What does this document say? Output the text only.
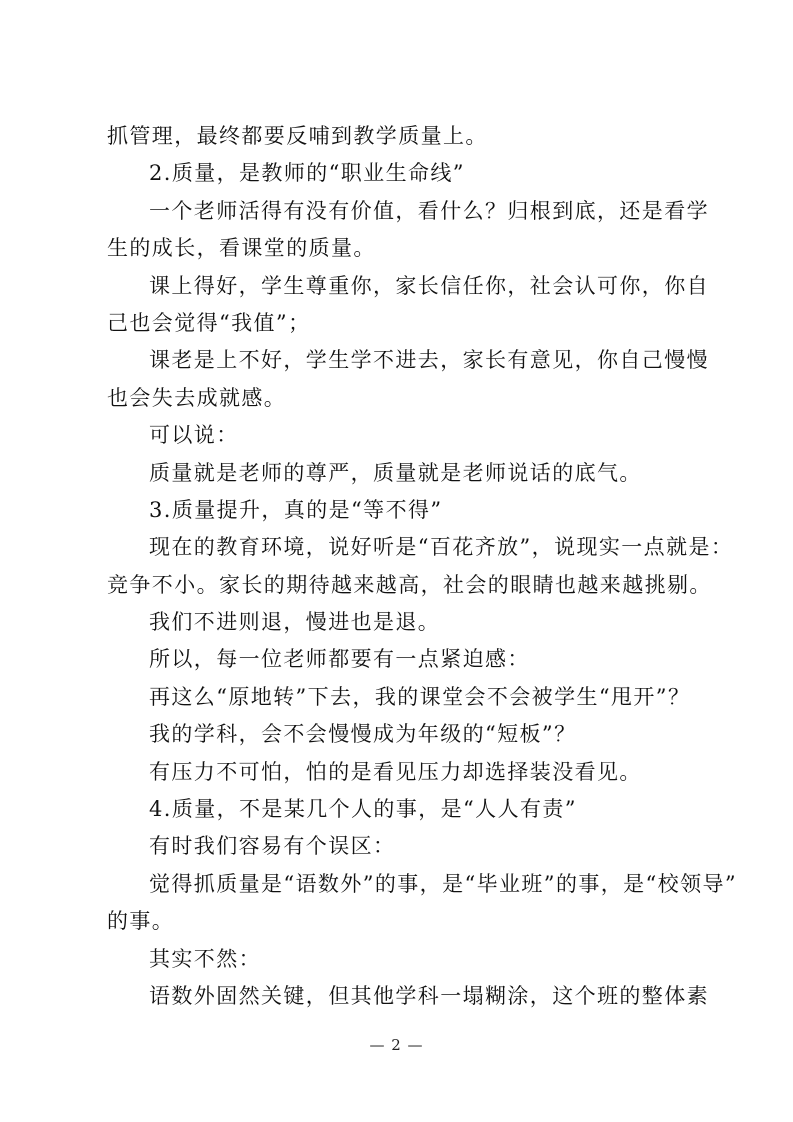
抓管理，最终都要反哺到教学质量上。
2.质量，是教师的“职业生命线”
一个老师活得有没有价值，看什么？归根到底，还是看学
生的成长，看课堂的质量。
课上得好，学生尊重你，家长信任你，社会认可你，你自
己也会觉得“我值”；
课老是上不好，学生学不进去，家长有意见，你自己慢慢
也会失去成就感。
可以说：
质量就是老师的尊严，质量就是老师说话的底气。
3.质量提升，真的是“等不得”
现在的教育环境，说好听是“百花齐放”，说现实一点就是：
竞争不小。家长的期待越来越高，社会的眼睛也越来越挑剔。
我们不进则退，慢进也是退。
所以，每一位老师都要有一点紧迫感：
再这么“原地转”下去，我的课堂会不会被学生“甩开”？
我的学科，会不会慢慢成为年级的“短板”？
有压力不可怕，怕的是看见压力却选择装没看见。
4.质量，不是某几个人的事，是“人人有责”
有时我们容易有个误区：
觉得抓质量是“语数外”的事，是“毕业班”的事，是“校领导”
的事。
其实不然：
语数外固然关键，但其他学科一塌糊涂，这个班的整体素
— 2 —
